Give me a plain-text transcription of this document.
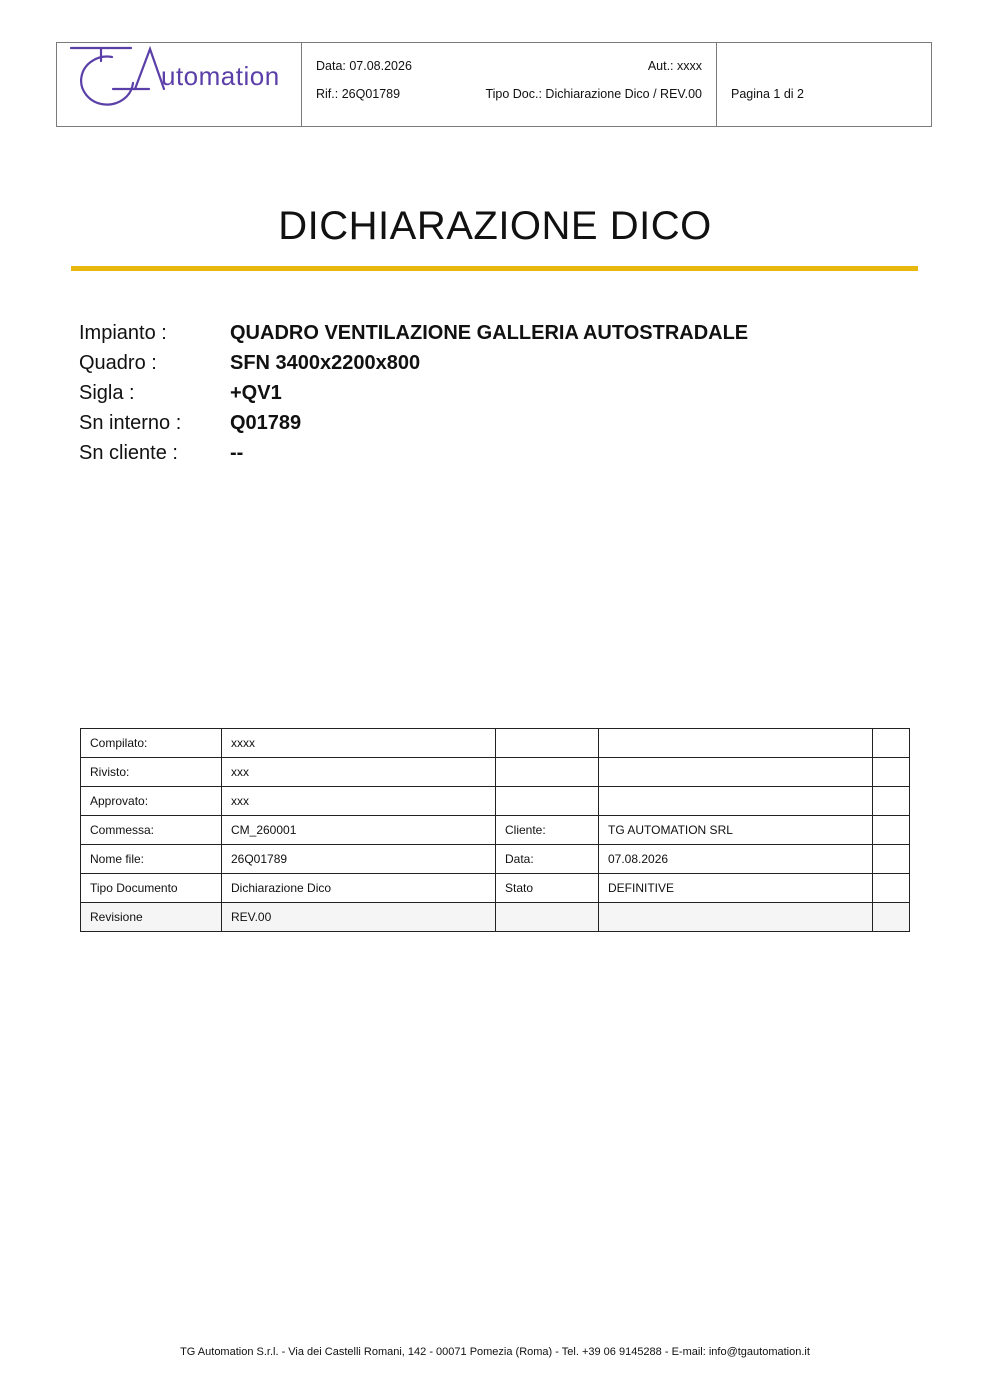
utomation	Data: 07.08.2026	Aut.: xxxx
Rif.: 26Q01789	Tipo Doc.: Dichiarazione Dico / REV.00 Pagina 1 di 2
DICHIARAZIONE DICO
Impianto :	QUADRO VENTILAZIONE GALLERIA AUTOSTRADALE
Quadro :	SFN 3400x2200x800
Sigla :	+QV1
Sn interno :	Q01789
Sn cliente :	--
Compilato:	xxxx			
Rivisto:	xxx			
Approvato:	xxx			
Commessa:	CM_260001	Cliente:	TG AUTOMATION SRL	
Nome file:	26Q01789	Data:	07.08.2026	
Tipo Documento	Dichiarazione Dico	Stato	DEFINITIVE	
Revisione	REV.00			
TG Automation S.r.l. - Via dei Castelli Romani, 142 - 00071 Pomezia (Roma) - Tel. +39 06 9145288 - E-mail: info@tgautomation.it
